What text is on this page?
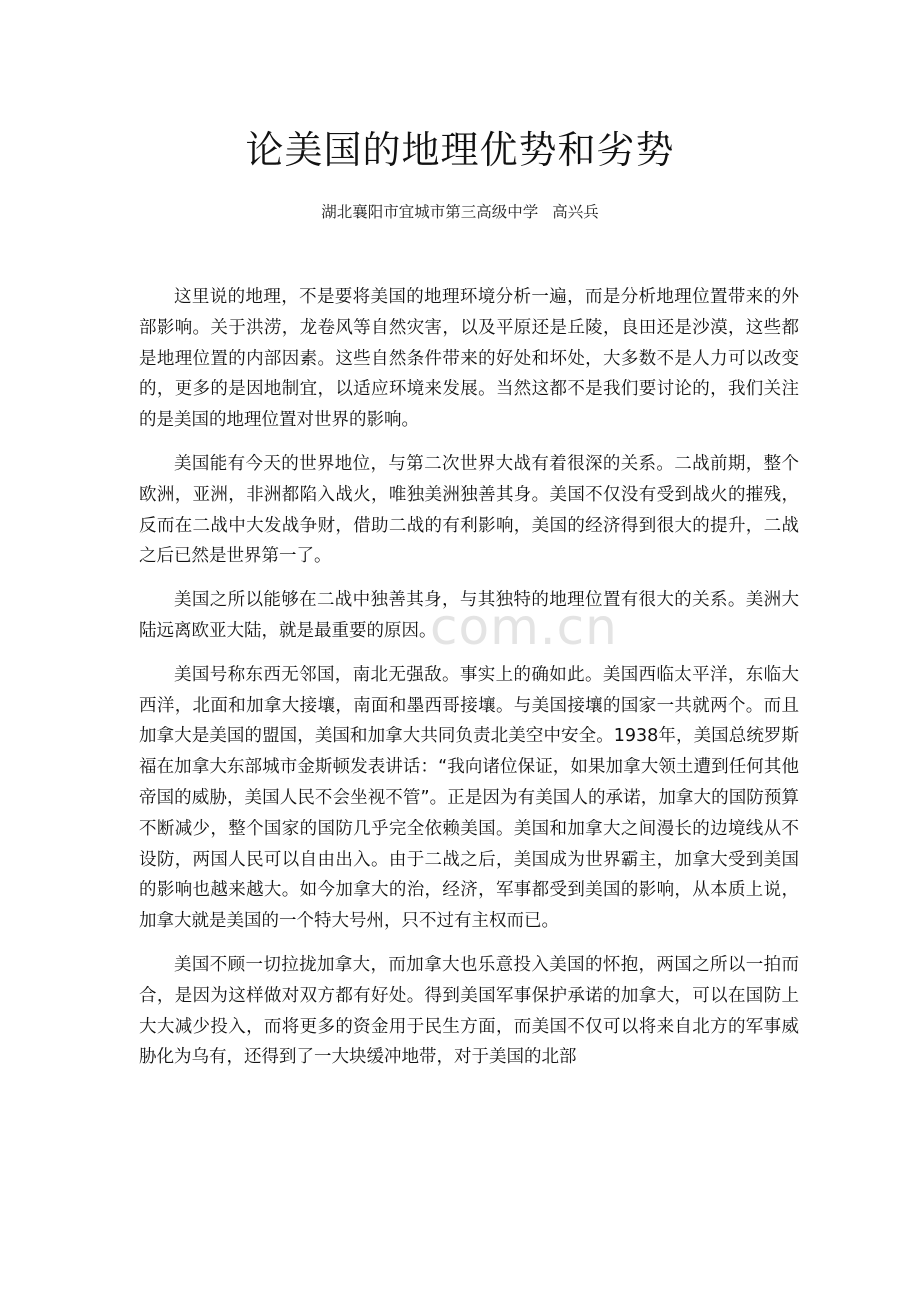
com.cn
论美国的地理优势和劣势
湖北襄阳市宜城市第三高级中学 高兴兵

这里说的地理，不是要将美国的地理环境分析一遍，而是分析地理位置带来的外部影响。关于洪涝，龙卷风等自然灾害，以及平原还是丘陵，良田还是沙漠，这些都是地理位置的内部因素。这些自然条件带来的好处和坏处，大多数不是人力可以改变的，更多的是因地制宜，以适应环境来发展。当然这都不是我们要讨论的，我们关注的是美国的地理位置对世界的影响。

美国能有今天的世界地位，与第二次世界大战有着很深的关系。二战前期，整个欧洲，亚洲，非洲都陷入战火，唯独美洲独善其身。美国不仅没有受到战火的摧残，反而在二战中大发战争财，借助二战的有利影响，美国的经济得到很大的提升，二战之后已然是世界第一了。

美国之所以能够在二战中独善其身，与其独特的地理位置有很大的关系。美洲大陆远离欧亚大陆，就是最重要的原因。

美国号称东西无邻国，南北无强敌。事实上的确如此。美国西临太平洋，东临大西洋，北面和加拿大接壤，南面和墨西哥接壤。与美国接壤的国家一共就两个。而且加拿大是美国的盟国，美国和加拿大共同负责北美空中安全。1938年，美国总统罗斯福在加拿大东部城市金斯顿发表讲话：“我向诸位保证，如果加拿大领土遭到任何其他帝国的威胁，美国人民不会坐视不管”。正是因为有美国人的承诺，加拿大的国防预算不断减少，整个国家的国防几乎完全依赖美国。美国和加拿大之间漫长的边境线从不设防，两国人民可以自由出入。由于二战之后，美国成为世界霸主，加拿大受到美国的影响也越来越大。如今加拿大的治，经济，军事都受到美国的影响，从本质上说，加拿大就是美国的一个特大号州，只不过有主权而已。

美国不顾一切拉拢加拿大，而加拿大也乐意投入美国的怀抱，两国之所以一拍而合，是因为这样做对双方都有好处。得到美国军事保护承诺的加拿大，可以在国防上大大减少投入，而将更多的资金用于民生方面，而美国不仅可以将来自北方的军事威胁化为乌有，还得到了一大块缓冲地带，对于美国的北部
